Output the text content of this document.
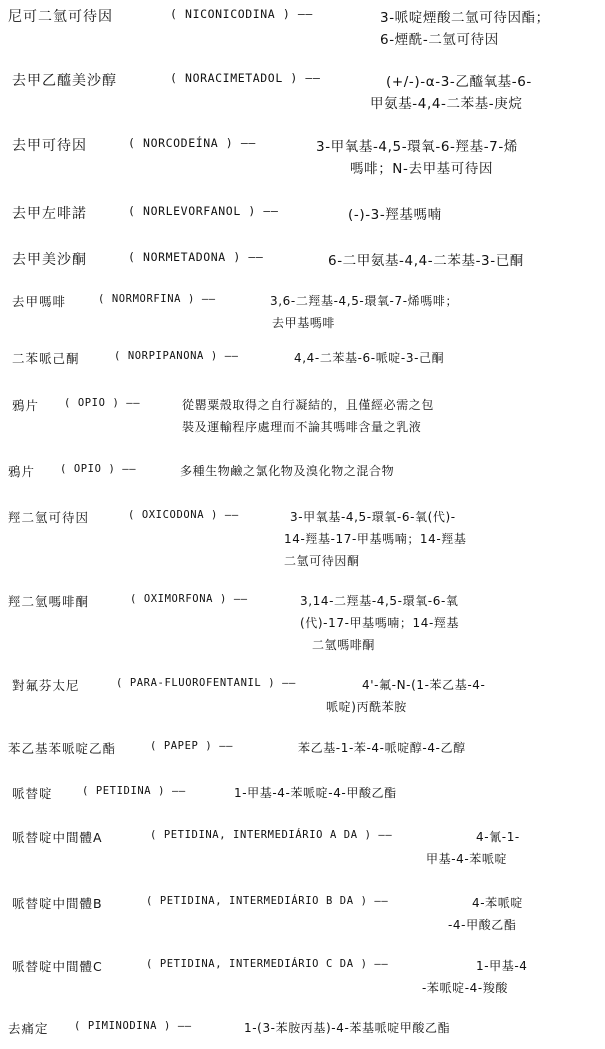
尼可二氫可待因	( NICONICODINA ) ——	3-哌啶煙酸二氫可待因酯；
6-煙酰-二氫可待因
去甲乙醯美沙醇	( NORACIMETADOL ) ——	(+/-)-α-3-乙醯氧基-6-
甲氨基-4,4-二苯基-庚烷
去甲可待因	( NORCODEÍNA ) ——	3-甲氧基-4,5-環氧-6-羥基-7-烯
嗎啡；N-去甲基可待因
去甲左啡諾	( NORLEVORFANOL ) ——	(-)-3-羥基嗎喃
去甲美沙酮	( NORMETADONA ) ——	6-二甲氨基-4,4-二苯基-3-已酮
去甲嗎啡	( NORMORFINA ) ——	3,6-二羥基-4,5-環氧-7-烯嗎啡；
去甲基嗎啡
二苯哌己酮	( NORPIPANONA ) ——	4,4-二苯基-6-哌啶-3-己酮
鴉片 ( OPIO ) ——	從罌粟殼取得之自行凝結的，且僅經必需之包
裝及運輸程序處理而不論其嗎啡含量之乳液
鴉片 ( OPIO ) ——	多種生物鹼之氯化物及溴化物之混合物
羥二氫可待因	( OXICODONA ) ——	3-甲氧基-4,5-環氧-6-氧(代)-
14-羥基-17-甲基嗎喃；14-羥基
二氫可待因酮
羥二氫嗎啡酮	( OXIMORFONA ) ——	3,14-二羥基-4,5-環氧-6-氧
(代)-17-甲基嗎喃；14-羥基
二氫嗎啡酮
對氟芬太尼	( PARA-FLUOROFENTANIL ) ——	4'-氟-N-(1-苯乙基-4-
哌啶)丙酰苯胺
苯乙基苯哌啶乙酯	( PAPEP ) ——	苯乙基-1-苯-4-哌啶醇-4-乙醇
哌替啶	( PETIDINA ) ——	1-甲基-4-苯哌啶-4-甲酸乙酯
哌替啶中間體A	( PETIDINA, INTERMEDIÁRIO A DA ) ——	4-氰-1-
甲基-4-苯哌啶
哌替啶中間體B	( PETIDINA, INTERMEDIÁRIO B DA ) ——	4-苯哌啶
-4-甲酸乙酯
哌替啶中間體C	( PETIDINA, INTERMEDIÁRIO C DA ) ——	1-甲基-4
-苯哌啶-4-羧酸
去痛定 ( PIMINODINA ) ——	1-(3-苯胺丙基)-4-苯基哌啶甲酸乙酯
